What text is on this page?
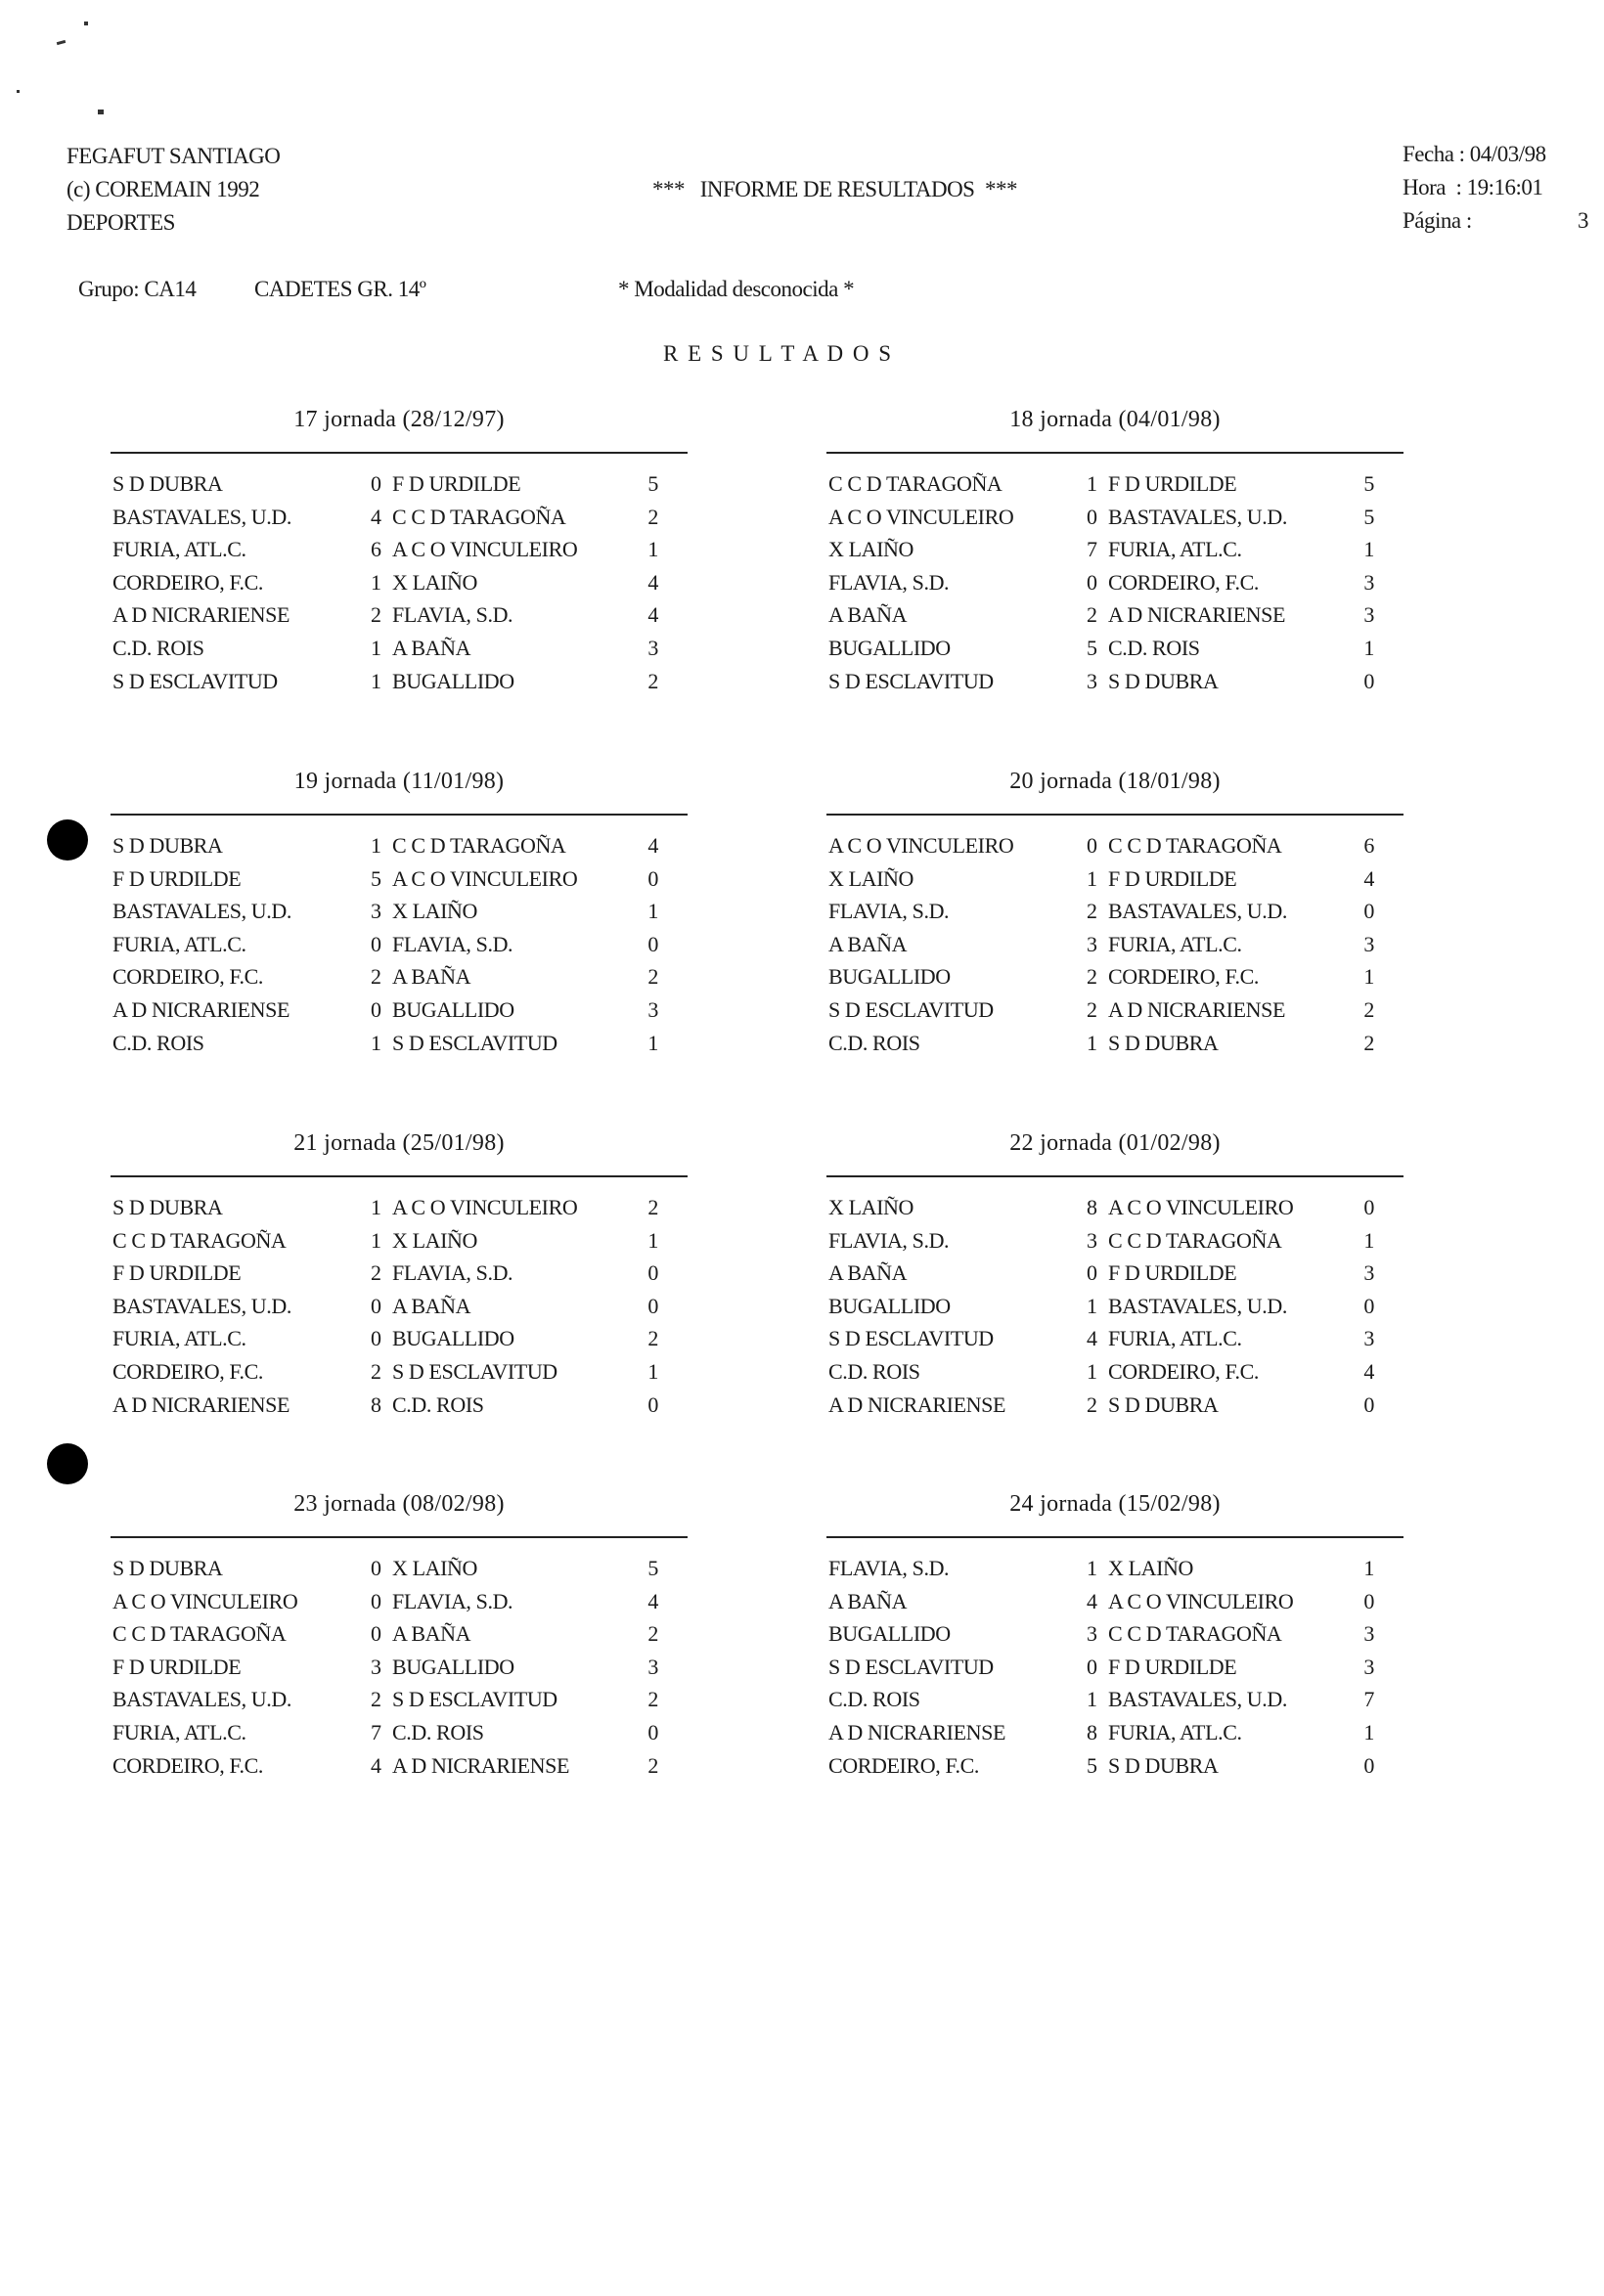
FEGAFUT SANTIAGO
(c) COREMAIN 1992
DEPORTES
***   INFORME DE RESULTADOS  ***
Fecha : 04/03/98
Hora  : 19:16:01
Página :	3
Grupo: CA14	CADETES GR. 14º	* Modalidad desconocida *
R E S U L T A D O S
17 jornada (28/12/97)
S D DUBRA	0 F D URDILDE	5
BASTAVALES, U.D.	4 C C D TARAGOÑA	2
FURIA, ATL.C.	6 A C O VINCULEIRO	1
CORDEIRO, F.C.	1 X LAIÑO	4
A D NICRARIENSE	2 FLAVIA, S.D.	4
C.D. ROIS	1 A BAÑA	3
S D ESCLAVITUD	1 BUGALLIDO	2
18 jornada (04/01/98)
C C D TARAGOÑA	1 F D URDILDE	5
A C O VINCULEIRO	0 BASTAVALES, U.D.	5
X LAIÑO	7 FURIA, ATL.C.	1
FLAVIA, S.D.	0 CORDEIRO, F.C.	3
A BAÑA	2 A D NICRARIENSE	3
BUGALLIDO	5 C.D. ROIS	1
S D ESCLAVITUD	3 S D DUBRA	0
19 jornada (11/01/98)
S D DUBRA	1 C C D TARAGOÑA	4
F D URDILDE	5 A C O VINCULEIRO	0
BASTAVALES, U.D.	3 X LAIÑO	1
FURIA, ATL.C.	0 FLAVIA, S.D.	0
CORDEIRO, F.C.	2 A BAÑA	2
A D NICRARIENSE	0 BUGALLIDO	3
C.D. ROIS	1 S D ESCLAVITUD	1
20 jornada (18/01/98)
A C O VINCULEIRO	0 C C D TARAGOÑA	6
X LAIÑO	1 F D URDILDE	4
FLAVIA, S.D.	2 BASTAVALES, U.D.	0
A BAÑA	3 FURIA, ATL.C.	3
BUGALLIDO	2 CORDEIRO, F.C.	1
S D ESCLAVITUD	2 A D NICRARIENSE	2
C.D. ROIS	1 S D DUBRA	2
21 jornada (25/01/98)
S D DUBRA	1 A C O VINCULEIRO	2
C C D TARAGOÑA	1 X LAIÑO	1
F D URDILDE	2 FLAVIA, S.D.	0
BASTAVALES, U.D.	0 A BAÑA	0
FURIA, ATL.C.	0 BUGALLIDO	2
CORDEIRO, F.C.	2 S D ESCLAVITUD	1
A D NICRARIENSE	8 C.D. ROIS	0
22 jornada (01/02/98)
X LAIÑO	8 A C O VINCULEIRO	0
FLAVIA, S.D.	3 C C D TARAGOÑA	1
A BAÑA	0 F D URDILDE	3
BUGALLIDO	1 BASTAVALES, U.D.	0
S D ESCLAVITUD	4 FURIA, ATL.C.	3
C.D. ROIS	1 CORDEIRO, F.C.	4
A D NICRARIENSE	2 S D DUBRA	0
23 jornada (08/02/98)
S D DUBRA	0 X LAIÑO	5
A C O VINCULEIRO	0 FLAVIA, S.D.	4
C C D TARAGOÑA	0 A BAÑA	2
F D URDILDE	3 BUGALLIDO	3
BASTAVALES, U.D.	2 S D ESCLAVITUD	2
FURIA, ATL.C.	7 C.D. ROIS	0
CORDEIRO, F.C.	4 A D NICRARIENSE	2
24 jornada (15/02/98)
FLAVIA, S.D.	1 X LAIÑO	1
A BAÑA	4 A C O VINCULEIRO	0
BUGALLIDO	3 C C D TARAGOÑA	3
S D ESCLAVITUD	0 F D URDILDE	3
C.D. ROIS	1 BASTAVALES, U.D.	7
A D NICRARIENSE	8 FURIA, ATL.C.	1
CORDEIRO, F.C.	5 S D DUBRA	0
